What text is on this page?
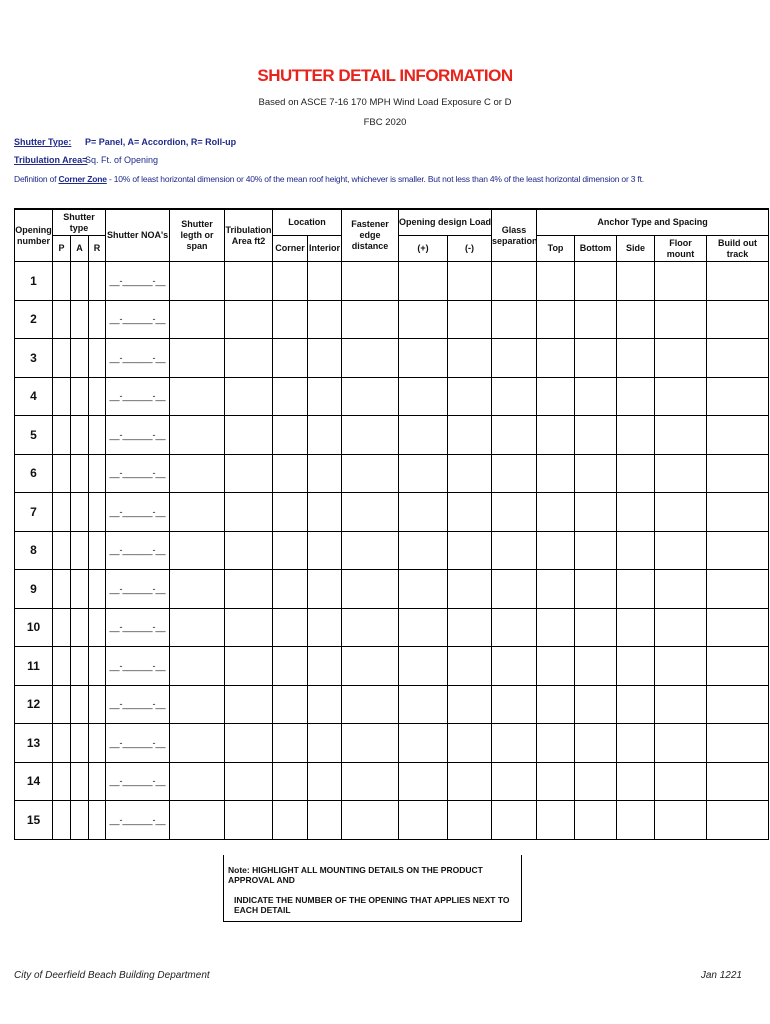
SHUTTER DETAIL INFORMATION
Based on ASCE 7-16 170 MPH Wind Load Exposure C or D
FBC 2020
Shutter Type: P= Panel, A= Accordion, R= Roll-up
Tribulation Area=
Sq. Ft. of Opening
Definition of Corner Zone - 10% of least horizontal dimension or 40% of the mean roof height, whichever is smaller. But not less than 4% of the least horizontal dimension or 3 ft.
Opening number	Shutter type			Shutter NOA's	Shutter legth or span	Tribulation Area ft2	Location		Fastener edge distance	Opening design Load		Glass separation	Anchor Type and Spacing				
	P	A	R				Corner	Interior		(+)	(-)		Top	Bottom	Side	Floor mount	Build out track
1				__-______-__													
2				__-______-__													
3				__-______-__													
4				__-______-__													
5				__-______-__													
6				__-______-__													
7				__-______-__													
8				__-______-__													
9				__-______-__													
10				__-______-__													
11				__-______-__													
12				__-______-__													
13				__-______-__													
14				__-______-__													
15				__-______-__													
Note: HIGHLIGHT ALL MOUNTING DETAILS ON THE PRODUCT APPROVAL AND
INDICATE THE NUMBER OF THE OPENING THAT APPLIES NEXT TO EACH DETAIL
City of Deerfield Beach Building Department	Jan 1221
